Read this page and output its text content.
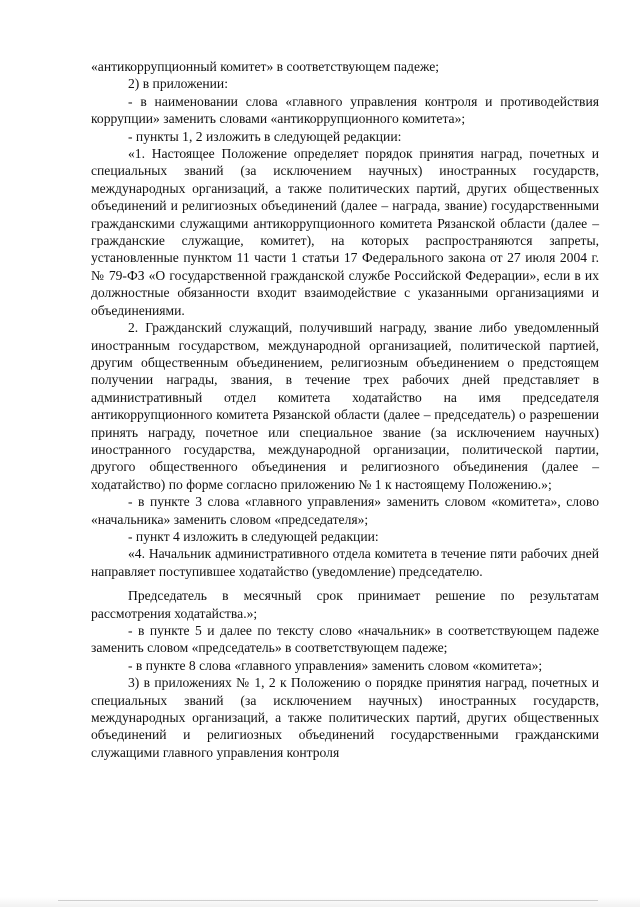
«антикоррупционный комитет» в соответствующем падеже;

2) в приложении:

- в наименовании слова «главного управления контроля и противодействия коррупции» заменить словами «антикоррупционного комитета»;

- пункты 1, 2 изложить в следующей редакции:

«1. Настоящее Положение определяет порядок принятия наград, почетных и специальных званий (за исключением научных) иностранных государств, международных организаций, а также политических партий, других общественных объединений и религиозных объединений (далее – награда, звание) государственными гражданскими служащими антикоррупционного комитета Рязанской области (далее – гражданские служащие, комитет), на которых распространяются запреты, установленные пунктом 11 части 1 статьи 17 Федерального закона от 27 июля 2004 г. № 79-ФЗ «О государственной гражданской службе Российской Федерации», если в их должностные обязанности входит взаимодействие с указанными организациями и объединениями.

2. Гражданский служащий, получивший награду, звание либо уведомленный иностранным государством, международной организацией, политической партией, другим общественным объединением, религиозным объединением о предстоящем получении награды, звания, в течение трех рабочих дней представляет в административный отдел комитета ходатайство на имя председателя антикоррупционного комитета Рязанской области (далее – председатель) о разрешении принять награду, почетное или специальное звание (за исключением научных) иностранного государства, международной организации, политической партии, другого общественного объединения и религиозного объединения (далее – ходатайство) по форме согласно приложению № 1 к настоящему Положению.»;

- в пункте 3 слова «главного управления» заменить словом «комитета», слово «начальника» заменить словом «председателя»;

- пункт 4 изложить в следующей редакции:

«4. Начальник административного отдела комитета в течение пяти рабочих дней направляет поступившее ходатайство (уведомление) председателю.

Председатель в месячный срок принимает решение по результатам рассмотрения ходатайства.»;

- в пункте 5 и далее по тексту слово «начальник» в соответствующем падеже заменить словом «председатель» в соответствующем падеже;

- в пункте 8 слова «главного управления» заменить словом «комитета»;

3) в приложениях № 1, 2 к Положению о порядке принятия наград, почетных и специальных званий (за исключением научных) иностранных государств, международных организаций, а также политических партий, других общественных объединений и религиозных объединений государственными гражданскими служащими главного управления контроля
